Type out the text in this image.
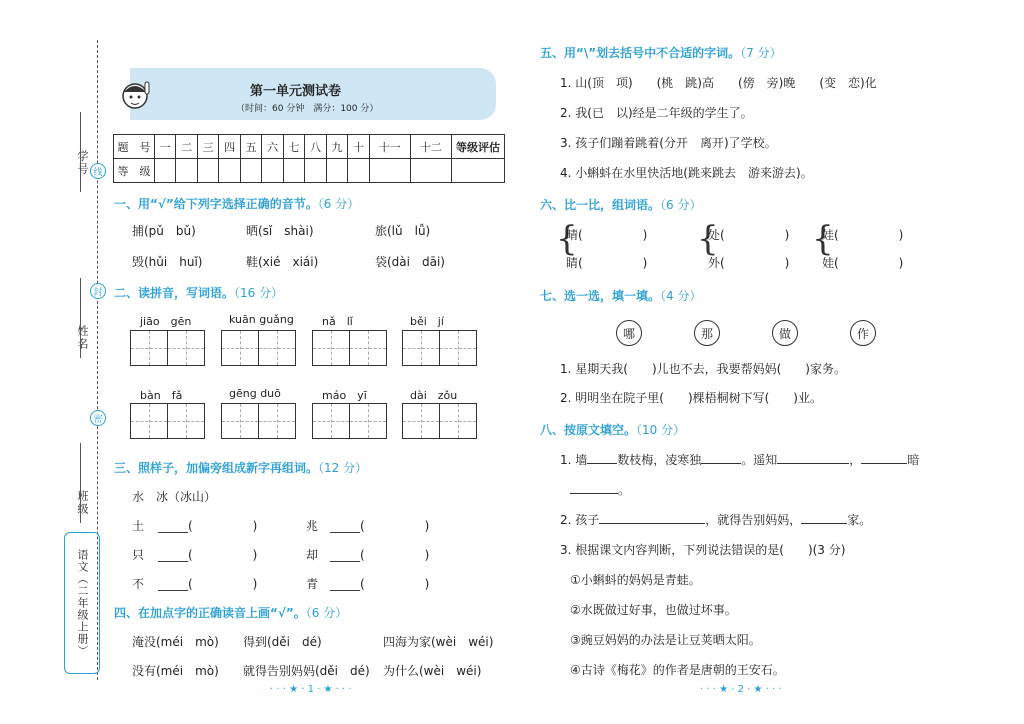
学号
姓名
班级
线
封
密
语文（二年级上册）
第一单元测试卷
（时间：60 分钟　满分：100 分）
题　号	一	二	三	四	五	六	七	八	九	十	十一	十二	等级评估
等　级													
一、用“√”给下列字选择正确的音节。（6 分）
捕(pǔ　bǔ)	晒(sǐ　shài)	旅(lǔ　lǚ)
毁(hǔi　huǐ)	鞋(xié　xiái)	袋(dài　dāi)
二、读拼音，写词语。（16 分）
jiāo　gēn	kuān guǎng	nǎ　lǐ	běi　jí
bàn　fǎ	gēng duō	máo　yī	dài　zǒu
三、照样子，加偏旁组成新字再组词。（12 分）
水　冰（冰山）
土 _____(　　　　　)	兆 _____(　　　　　)
只 _____(　　　　　)	却 _____(　　　　　)
不 _____(　　　　　)	青 _____(　　　　　)
四、在加点字的正确读音上画“√”。（6 分）
淹没(méi　mò) 得到(děi　dé)	四海为家(wèi　wéi)
没有(méi　mò) 就得告别妈妈(děi　dé) 为什么(wèi　wéi)
· · · ★ · 1 · ★ · · ·
五、用“\”划去括号中不合适的字词。（7 分）
1. 山(顶　项)　　(桃　跳)高　　(傍　旁)晚　　(变　恋)化
2. 我(已　以)经是二年级的学生了。
3. 孩子们蹦着跳着(分开　离开)了学校。
4. 小蝌蚪在水里快活地(跳来跳去　游来游去)。
六、比一比，组词语。（6 分）
{
晴(　　　　　)
睛(　　　　　)
{
处(　　　　　)
外(　　　　　)
{
娃(　　　　　)
娃(　　　　　)
七、选一选，填一填。（4 分）
哪	那	做	作
1. 星期天我(　　)儿也不去，我要帮妈妈(　　)家务。
2. 明明坐在院子里(　　)棵梧桐树下写(　　)业。
八、按原文填空。（10 分）
1. 墙	数枝梅，凌寒独	。遥知	，	暗
。
2. 孩子	，就得告别妈妈，	家。
3. 根据课文内容判断，下列说法错误的是(　　)(3 分)
①小蝌蚪的妈妈是青蛙。
②水既做过好事，也做过坏事。
③豌豆妈妈的办法是让豆荚晒太阳。
④古诗《梅花》的作者是唐朝的王安石。
· · · ★ · 2 · ★ · · ·
